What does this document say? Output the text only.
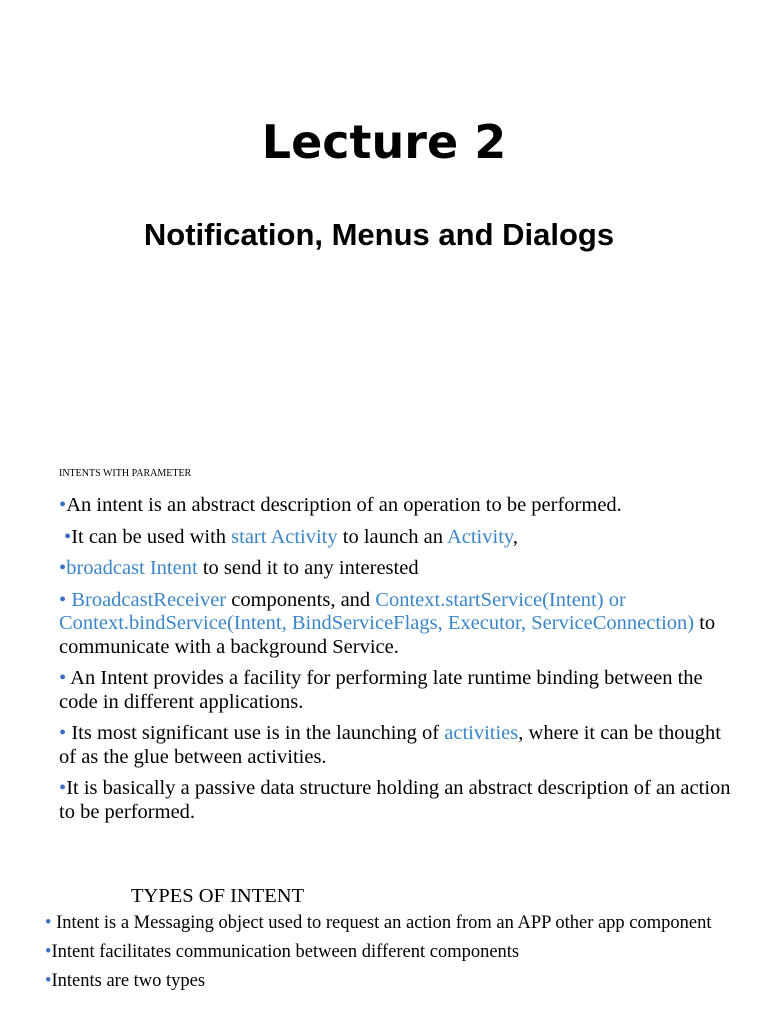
Lecture 2
Notification, Menus and Dialogs
INTENTS WITH PARAMETER
•An intent is an abstract description of an operation to be performed.
•It can be used with start Activity to launch an Activity,
•broadcast Intent to send it to any interested
• BroadcastReceiver components, and Context.startService(Intent) or Context.bindService(Intent, BindServiceFlags, Executor, ServiceConnection) to communicate with a background Service.
• An Intent provides a facility for performing late runtime binding between the code in different applications.
• Its most significant use is in the launching of activities, where it can be thought of as the glue between activities.
•It is basically a passive data structure holding an abstract description of an action to be performed.
TYPES OF INTENT
• Intent is a Messaging object used to request an action from an APP other app component
•Intent facilitates communication between different components
•Intents are two types
